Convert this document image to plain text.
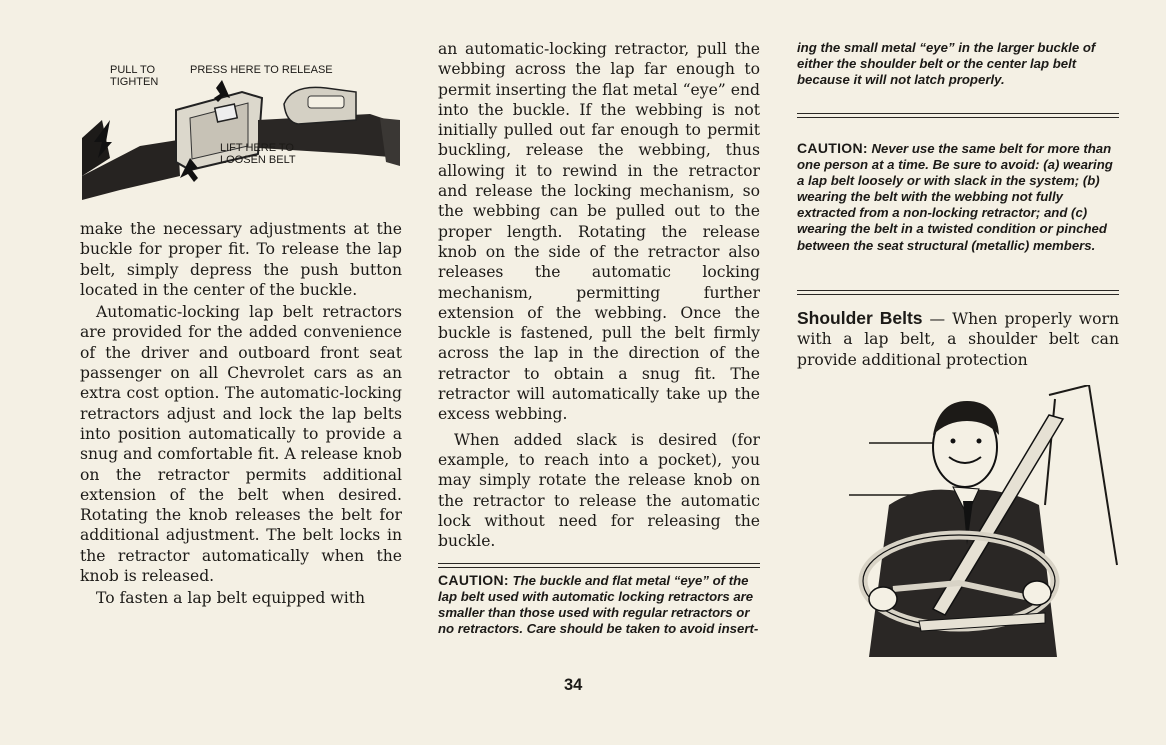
PULL TO
TIGHTEN
PRESS HERE TO RELEASE
LIFT HERE TO
LOOSEN BELT

make the necessary adjustments at the buckle for proper fit. To release the lap belt, simply depress the push button located in the center of the buckle.

Automatic-locking lap belt retractors are provided for the added convenience of the driver and outboard front seat passenger on all Chevrolet cars as an extra cost option. The automatic-locking retractors adjust and lock the lap belts into position automatically to provide a snug and comfortable fit. A release knob on the retractor permits additional extension of the belt when desired. Rotating the knob releases the belt for additional adjustment. The belt locks in the retractor automatically when the knob is released.

To fasten a lap belt equipped with

an automatic-locking retractor, pull the webbing across the lap far enough to permit inserting the flat metal “eye” end into the buckle. If the webbing is not initially pulled out far enough to permit buckling, release the webbing, thus allowing it to rewind in the retractor and release the locking mechanism, so the webbing can be pulled out to the proper length. Rotating the release knob on the side of the retractor also releases the automatic locking mechanism, permitting further extension of the webbing. Once the buckle is fastened, pull the belt firmly across the lap in the direction of the retractor to obtain a snug fit. The retractor will automatically take up the excess webbing.

When added slack is desired (for example, to reach into a pocket), you may simply rotate the release knob on the retractor to release the automatic lock without need for releasing the buckle.

CAUTION: The buckle and flat metal “eye” of the lap belt used with automatic locking retractors are smaller than those used with regular retractors or no retractors. Care should be taken to avoid insert-

ing the small metal “eye” in the larger buckle of either the shoulder belt or the center lap belt because it will not latch properly.

CAUTION: Never use the same belt for more than one person at a time. Be sure to avoid: (a) wearing a lap belt loosely or with slack in the system; (b) wearing the belt with the webbing not fully extracted from a non-locking retractor; and (c) wearing the belt in a twisted condition or pinched between the seat structural (metallic) members.

Shoulder Belts — When properly worn with a lap belt, a shoulder belt can provide additional protection

34
